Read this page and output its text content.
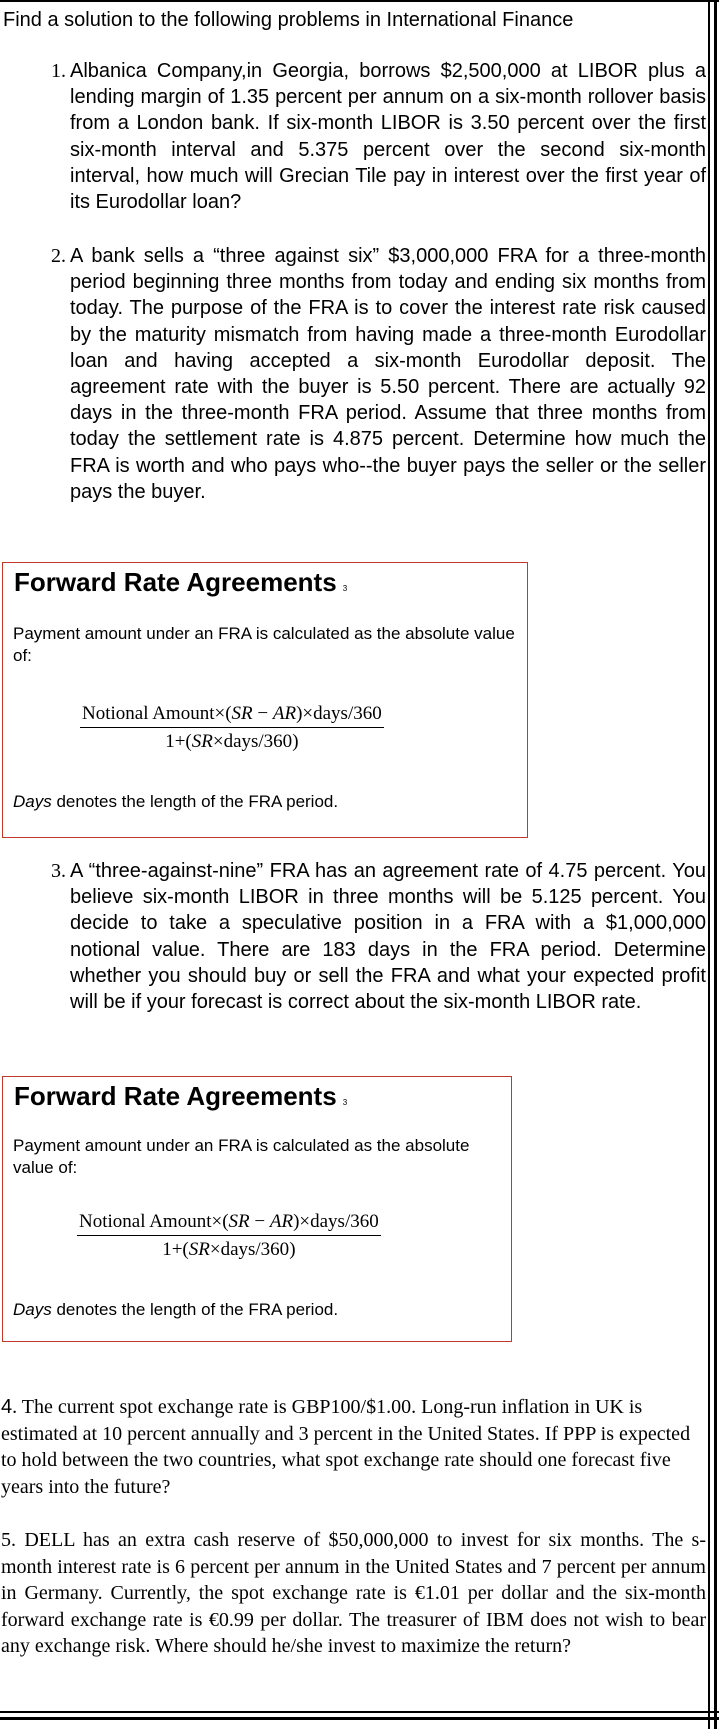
Find a solution to the following problems in International Finance
1. Albanica Company,in Georgia, borrows $2,500,000 at LIBOR plus a lending margin of 1.35 percent per annum on a six-month rollover basis from a London bank. If six-month LIBOR is 3.50 percent over the first six-month interval and 5.375 percent over the second six-month interval, how much will Grecian Tile pay in interest over the first year of its Eurodollar loan?
2. A bank sells a “three against six” $3,000,000 FRA for a three-month period beginning three months from today and ending six months from today. The purpose of the FRA is to cover the interest rate risk caused by the maturity mismatch from having made a three-month Eurodollar loan and having accepted a six-month Eurodollar deposit. The agreement rate with the buyer is 5.50 percent. There are actually 92 days in the three-month FRA period. Assume that three months from today the settlement rate is 4.875 percent. Determine how much the FRA is worth and who pays who--the buyer pays the seller or the seller pays the buyer.
Forward Rate Agreements 3
Payment amount under an FRA is calculated as the absolute value of:
Notional Amount×(SR − AR)×days/360
1+(SR×days/360)
Days denotes the length of the FRA period.
3. A “three-against-nine” FRA has an agreement rate of 4.75 percent. You believe six-month LIBOR in three months will be 5.125 percent. You decide to take a speculative position in a FRA with a $1,000,000 notional value. There are 183 days in the FRA period. Determine whether you should buy or sell the FRA and what your expected profit will be if your forecast is correct about the six-month LIBOR rate.
Forward Rate Agreements 3
Payment amount under an FRA is calculated as the absolute value of:
Notional Amount×(SR − AR)×days/360
1+(SR×days/360)
Days denotes the length of the FRA period.
4. The current spot exchange rate is GBP100/$1.00. Long-run inflation in UK is estimated at 10 percent annually and 3 percent in the United States. If PPP is expected to hold between the two countries, what spot exchange rate should one forecast five years into the future?
5. DELL has an extra cash reserve of $50,000,000 to invest for six months. The s-month interest rate is 6 percent per annum in the United States and 7 percent per annum in Germany. Currently, the spot exchange rate is €1.01 per dollar and the six-month forward exchange rate is €0.99 per dollar. The treasurer of IBM does not wish to bear any exchange risk. Where should he/she invest to maximize the return?
